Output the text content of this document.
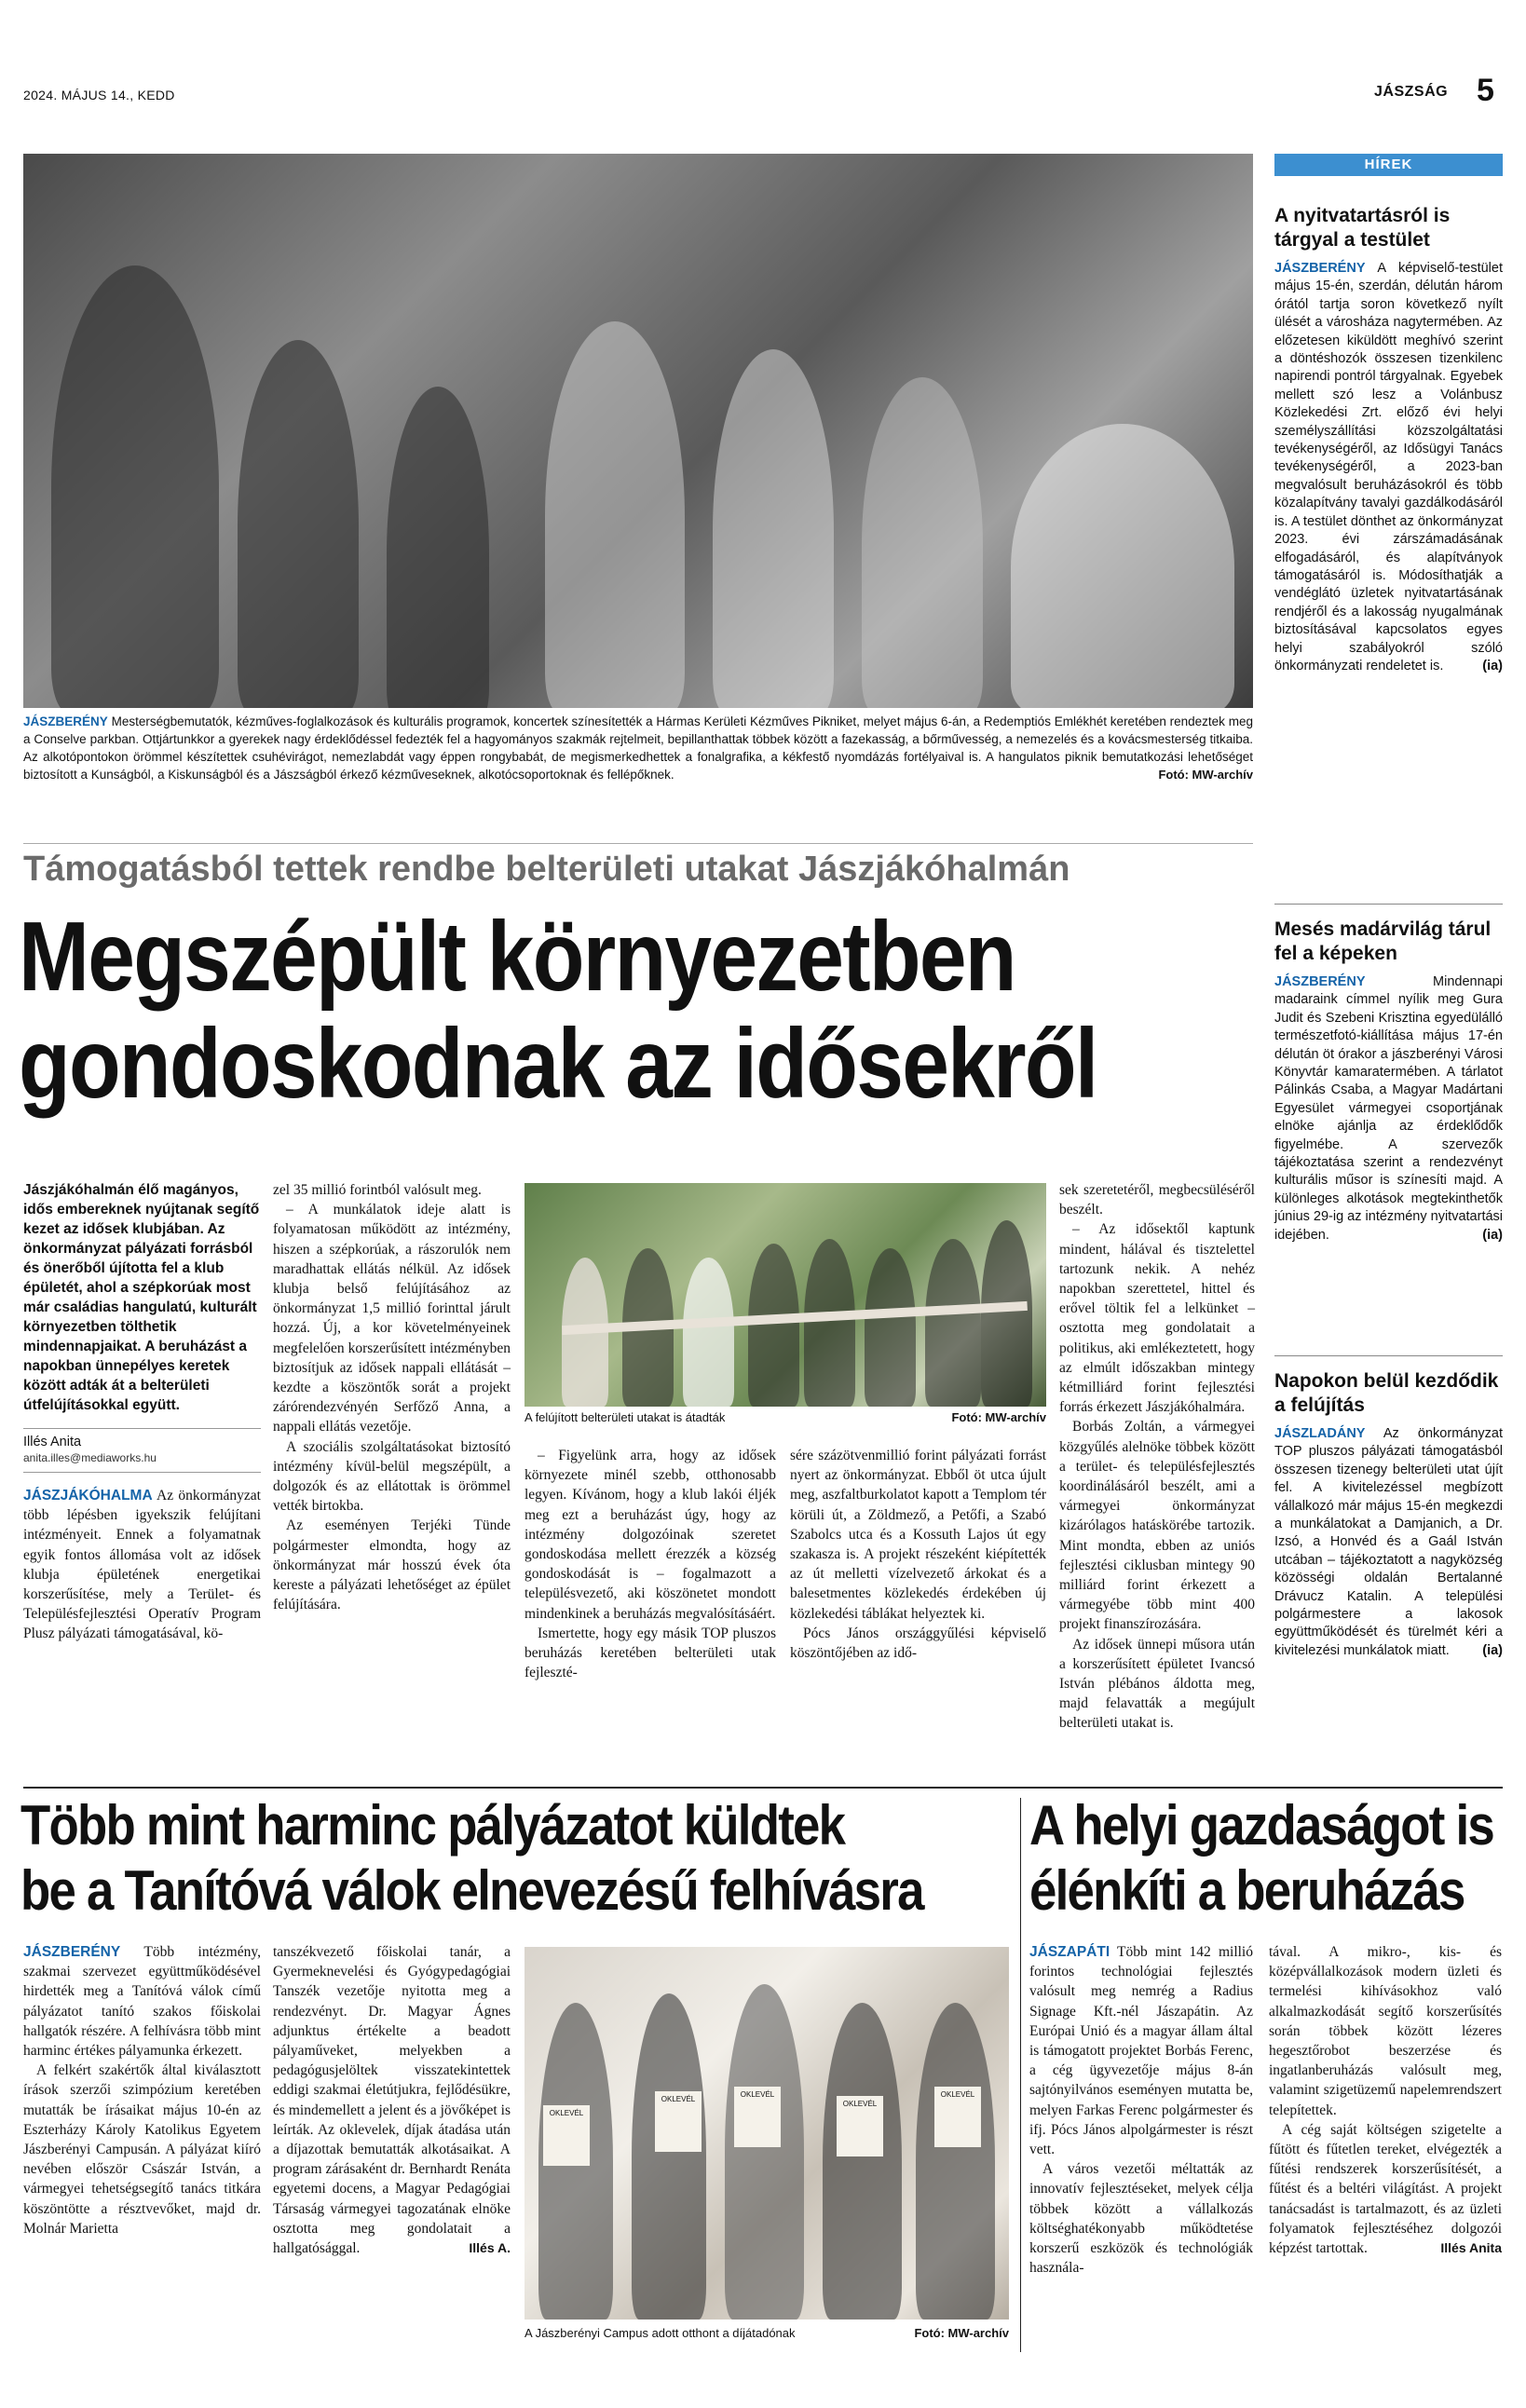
2024. MÁJUS 14., KEDD	JÁSZSÁG 5
JÁSZBERÉNY Mesterségbemutatók, kézműves-foglalkozások és kulturális programok, koncertek színesítették a Hármas Kerületi Kézműves Pikniket, melyet május 6-án, a Redemptiós Emlékhét keretében rendeztek meg a Conselve parkban. Ottjártunkkor a gyerekek nagy érdeklődéssel fedezték fel a hagyományos szakmák rejtelmeit, bepillanthattak többek között a fazekasság, a bőrművesség, a nemezelés és a kovácsmesterség titkaiba. Az alkotópontokon örömmel készítettek csuhévirágot, nemezlabdát vagy éppen rongybabát, de megismerkedhettek a fonalgrafika, a kékfestő nyomdázás fortélyaival is. A hangulatos piknik bemutatkozási lehetőséget biztosított a Kunságból, a Kiskunságból és a Jászságból érkező kézműveseknek, alkotócsoportoknak és fellépőknek.	Fotó: MW-archív
HÍREK
A nyitvatartásról is tárgyal a testület
JÁSZBERÉNY A képviselő-testület május 15-én, szerdán, délután három órától tartja soron következő nyílt ülését a városháza nagytermében. Az előzetesen kiküldött meghívó szerint a döntéshozók összesen tizenkilenc napirendi pontról tárgyalnak. Egyebek mellett szó lesz a Volánbusz Közlekedési Zrt. előző évi helyi személyszállítási közszolgáltatási tevékenységéről, az Idősügyi Tanács tevékenységéről, a 2023-ban megvalósult beruházásokról és több közalapítvány tavalyi gazdálkodásáról is. A testület dönthet az önkormányzat 2023. évi zárszámadásának elfogadásáról, és alapítványok támogatásáról is. Módosíthatják a vendéglátó üzletek nyitvatartásának rendjéről és a lakosság nyugalmának biztosításával kapcsolatos egyes helyi szabályokról szóló önkormányzati rendeletet is.	(ia)
Mesés madárvilág tárul fel a képeken
JÁSZBERÉNY	Mindennapi madaraink címmel nyílik meg Gura Judit és Szebeni Krisztina egyedülálló természetfotó-kiállítása május 17-én délután öt órakor a jászberényi Városi Könyvtár kamaratermében. A tárlatot Pálinkás Csaba, a Magyar Madártani Egyesület vármegyei csoportjának elnöke ajánlja az érdeklődők figyelmébe. A szervezők tájékoztatása szerint a rendezvényt kulturális műsor is színesíti majd. A különleges alkotások megtekinthetők június 29-ig az intézmény nyitvatartási idejében.	(ia)
Napokon belül kezdődik a felújítás
JÁSZLADÁNY Az önkormányzat TOP pluszos pályázati támogatásból összesen tizenegy belterületi utat újít fel. A kivitelezéssel megbízott vállalkozó már május 15-én megkezdi a munkálatokat a Damjanich, a Dr. Izsó, a Honvéd és a Gaál István utcában – tájékoztatott a nagyközség közösségi oldalán Bertalanné Drávucz Katalin. A települési polgármestere a lakosok együttműködését és türelmét kéri a kivitelezési munkálatok miatt. (ia)
Támogatásból tettek rendbe belterületi utakat Jászjákóhalmán
Megszépült környezetben
gondoskodnak az idősekről
Jászjákóhalmán élő magányos, idős embereknek nyújtanak segítő kezet az idősek klubjában. Az önkormányzat pályázati forrásból és önerőből újította fel a klub épületét, ahol a szépkorúak most már családias hangulatú, kulturált környezetben tölthetik mindennapjaikat. A beruházást a napokban ünnepélyes keretek között adták át a belterületi útfelújításokkal együtt.
Illés Anita
anita.illes@mediaworks.hu

JÁSZJÁKÓHALMA Az önkormányzat több lépésben igyekszik felújítani intézményeit. Ennek a folyamatnak egyik fontos állomása volt az idősek klubja épületének energetikai korszerűsítése, mely a Terület- és Településfejlesztési Operatív Program Plusz pályázati támogatásával, kö-

zel 35 millió forintból valósult meg.

– A munkálatok ideje alatt is folyamatosan működött az intézmény, hiszen a szépkorúak, a rászorulók nem maradhattak ellátás nélkül. Az idősek klubja belső felújításához az önkormányzat 1,5 millió forinttal járult hozzá. Új, a kor követelményeinek megfelelően korszerűsített intézményben biztosítjuk az idősek nappali ellátását – kezdte a köszöntők sorát a projekt zárórendezvényén Serfőző Anna, a nappali ellátás vezetője.

A szociális szolgáltatásokat biztosító intézmény kívül-belül megszépült, a dolgozók és az ellátottak is örömmel vették birtokba.

Az eseményen Terjéki Tünde polgármester elmondta, hogy az önkormányzat már hosszú évek óta kereste a pályázati lehetőséget az épület felújítására.

A felújított belterületi utakat is átadták	Fotó: MW-archív

– Figyelünk arra, hogy az idősek környezete minél szebb, otthonosabb legyen. Kívánom, hogy a klub lakói éljék meg ezt a beruházást úgy, hogy az intézmény dolgozóinak szeretet gondoskodása mellett érezzék a község gondoskodását is – fogalmazott a településvezető, aki köszönetet mondott mindenkinek a beruházás megvalósításáért.

Ismertette, hogy egy másik TOP pluszos beruházás keretében belterületi utak fejleszté-

sére százötvenmillió forint pályázati forrást nyert az önkormányzat. Ebből öt utca újult meg, aszfaltburkolatot kapott a Templom tér körüli út, a Zöldmező, a Petőfi, a Szabó Szabolcs utca és a Kossuth Lajos út egy szakasza is. A projekt részeként kiépítették az út melletti vízelvezető árkokat és a balesetmentes közlekedés érdekében új közlekedési táblákat helyeztek ki.

Pócs János országgyűlési képviselő köszöntőjében az idő-

sek szeretetéről, megbecsüléséről beszélt.

– Az idősektől kaptunk mindent, hálával és tisztelettel tartozunk nekik. A nehéz napokban szerettetel, hittel és erővel töltik fel a lelkünket – osztotta meg gondolatait a politikus, aki emlékeztetett, hogy az elmúlt időszakban mintegy kétmilliárd forint fejlesztési forrás érkezett Jászjákóhalmára.

Borbás Zoltán, a vármegyei közgyűlés alelnöke többek között a terület- és településfejlesztés koordinálásáról beszélt, ami a vármegyei önkormányzat kizárólagos hatáskörébe tartozik. Mint mondta, ebben az uniós fejlesztési ciklusban mintegy 90 milliárd forint érkezett a vármegyébe több mint 400 projekt finanszírozására.

Az idősek ünnepi műsora után a korszerűsített épületet Ivancsó István plébános áldotta meg, majd felavatták a megújult belterületi utakat is.

Több mint harminc pályázatot küldtek
be a Tanítóvá válok elnevezésű felhívásra

JÁSZBERÉNY Több intézmény, szakmai szervezet együttműködésével hirdették meg a Tanítóvá válok című pályázatot tanító szakos főiskolai hallgatók részére. A felhívásra több mint harminc értékes pályamunka érkezett.

A felkért szakértők által kiválasztott írások szerzői szimpózium keretében mutatták be írásaikat május 10-én az Eszterházy Károly Katolikus Egyetem Jászberényi Campusán. A pályázat kiíró nevében először Császár István, a vármegyei tehetségsegítő tanács titkára köszöntötte a résztvevőket, majd dr. Molnár Marietta

tanszékvezető főiskolai tanár, a Gyermeknevelési és Gyógypedagógiai Tanszék vezetője nyitotta meg a rendezvényt. Dr. Magyar Ágnes adjunktus értékelte a beadott pályaműveket, melyekben a pedagógusjelöltek visszatekintettek eddigi szakmai életútjukra, fejlődésükre, és mindemellett a jelent és a jövőképet is leírták. Az oklevelek, díjak átadása után a díjazottak bemutatták alkotásaikat. A program zárásaként dr. Bernhardt Renáta egyetemi docens, a Magyar Pedagógiai Társaság vármegyei tagozatának elnöke osztotta meg gondolatait a hallgatósággal.	Illés A.

OKLEVÉL
OKLEVÉL
OKLEVÉL
OKLEVÉL
OKLEVÉL
A Jászberényi Campus adott otthont a díjátadónak	Fotó: MW-archív
A helyi gazdaságot is
élénkíti a beruházás

JÁSZAPÁTI Több mint 142 millió forintos technológiai fejlesztés valósult meg nemrég a Radius Signage Kft.-nél Jászapátin. Az Európai Unió és a magyar állam által is támogatott projektet Borbás Ferenc, a cég ügyvezetője május 8-án sajtónyilvános eseményen mutatta be, melyen Farkas Ferenc polgármester és ifj. Pócs János alpolgármester is részt vett.

A város vezetői méltatták az innovatív fejlesztéseket, melyek célja többek között a vállalkozás költséghatékonyabb működtetése korszerű eszközök és technológiák használa-

tával. A mikro-, kis- és középvállalkozások modern üzleti és termelési kihívásokhoz való alkalmazkodását segítő korszerűsítés során többek között lézeres hegesztőrobot beszerzése és ingatlanberuházás valósult meg, valamint szigetüzemű napelemrendszert telepítettek.

A cég saját költségen szigetelte a fűtött és fűtetlen tereket, elvégezték a fűtési rendszerek korszerűsítését, a fűtést és a beltéri világítást. A projekt tanácsadást is tartalmazott, és az üzleti folyamatok fejlesztéséhez dolgozói képzést tartottak.	Illés Anita
